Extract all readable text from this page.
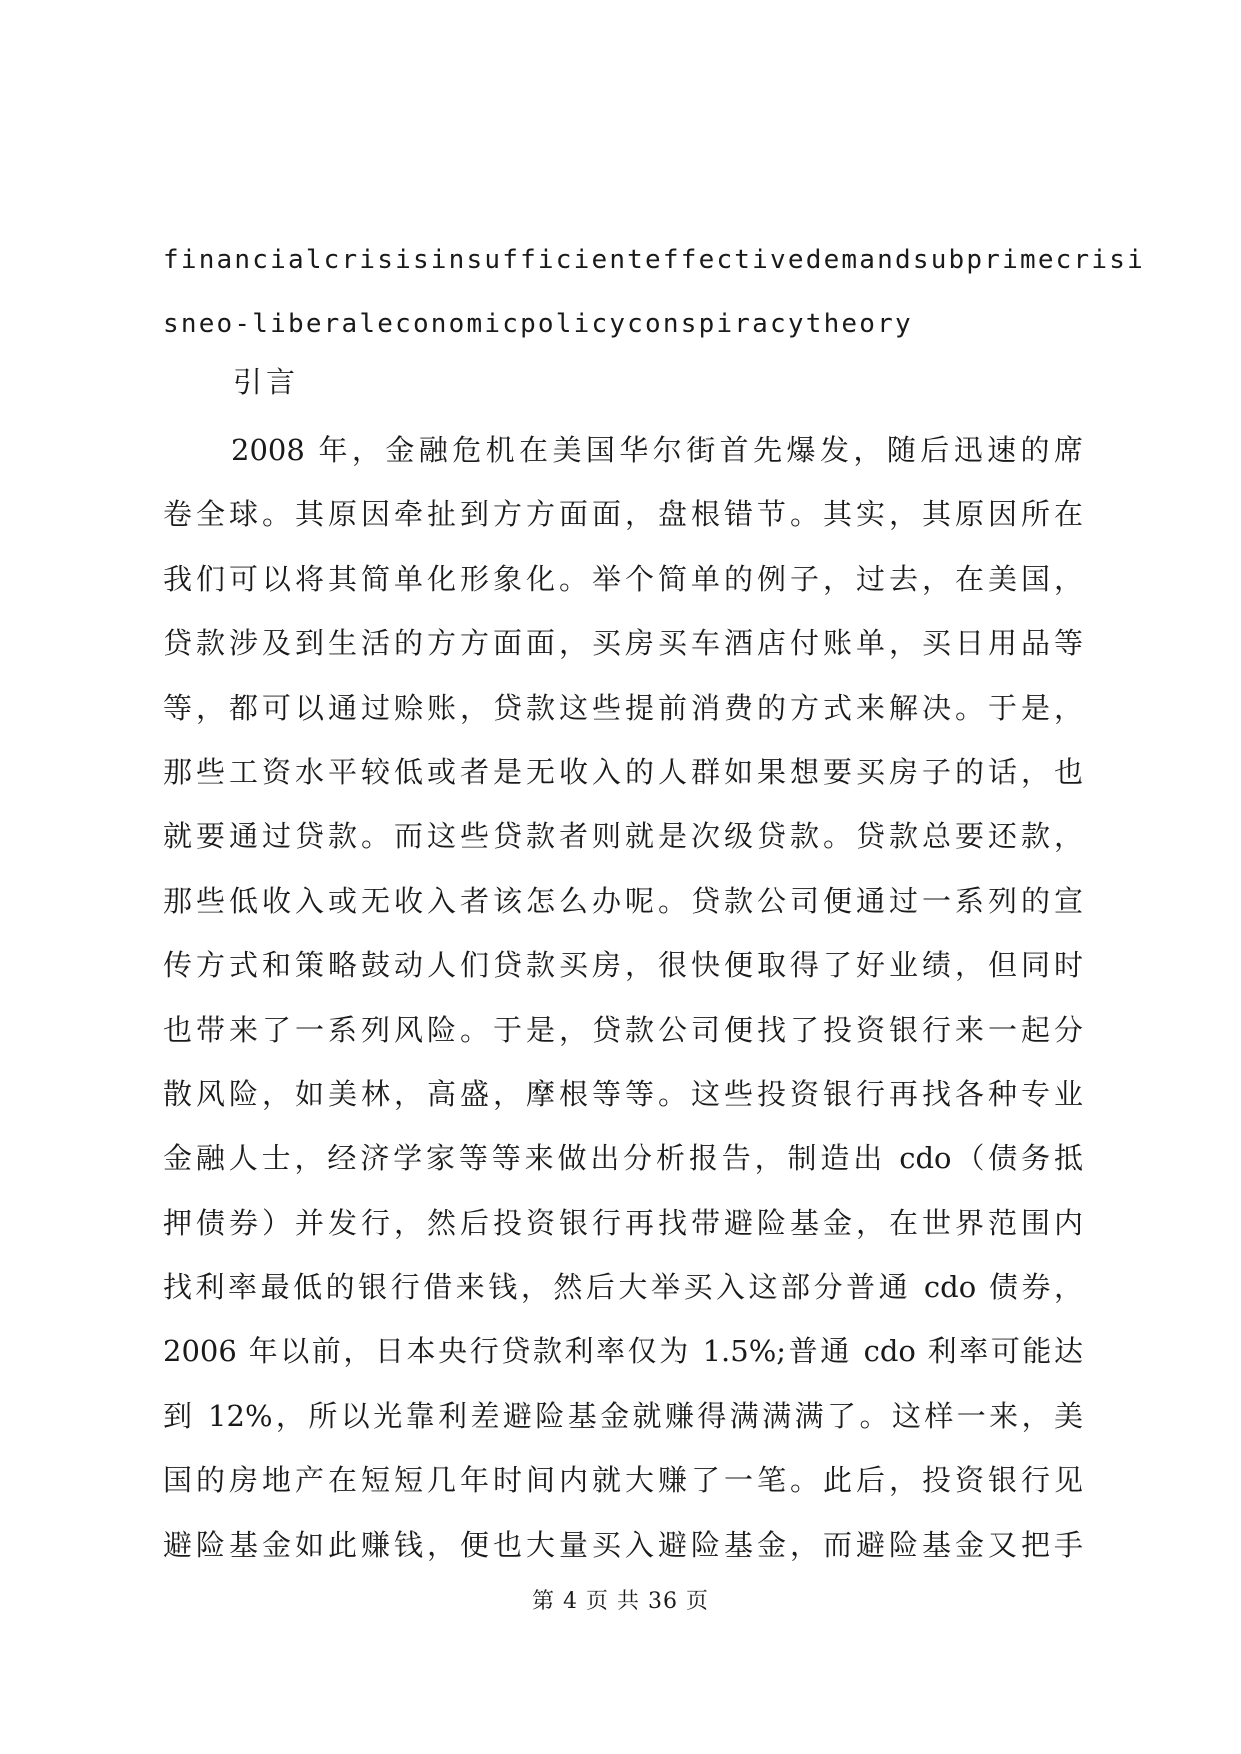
financialcrisisinsufficienteffectivedemandsubprimecrisi
sneo-liberaleconomicpolicyconspiracytheory
引言
2008 年，金融危机在美国华尔街首先爆发，随后迅速的席
卷全球。其原因牵扯到方方面面，盘根错节。其实，其原因所在
我们可以将其简单化形象化。举个简单的例子，过去，在美国，
贷款涉及到生活的方方面面，买房买车酒店付账单，买日用品等
等，都可以通过赊账，贷款这些提前消费的方式来解决。于是，
那些工资水平较低或者是无收入的人群如果想要买房子的话，也
就要通过贷款。而这些贷款者则就是次级贷款。贷款总要还款，
那些低收入或无收入者该怎么办呢。贷款公司便通过一系列的宣
传方式和策略鼓动人们贷款买房，很快便取得了好业绩，但同时
也带来了一系列风险。于是，贷款公司便找了投资银行来一起分
散风险，如美林，高盛，摩根等等。这些投资银行再找各种专业
金融人士，经济学家等等来做出分析报告，制造出 cdo（债务抵
押债券）并发行，然后投资银行再找带避险基金，在世界范围内
找利率最低的银行借来钱，然后大举买入这部分普通 cdo 债券，
2006 年以前，日本央行贷款利率仅为 1.5%;普通 cdo 利率可能达
到 12%，所以光靠利差避险基金就赚得满满满了。这样一来，美
国的房地产在短短几年时间内就大赚了一笔。此后，投资银行见
避险基金如此赚钱，便也大量买入避险基金，而避险基金又把手
第 4 页 共 36 页
